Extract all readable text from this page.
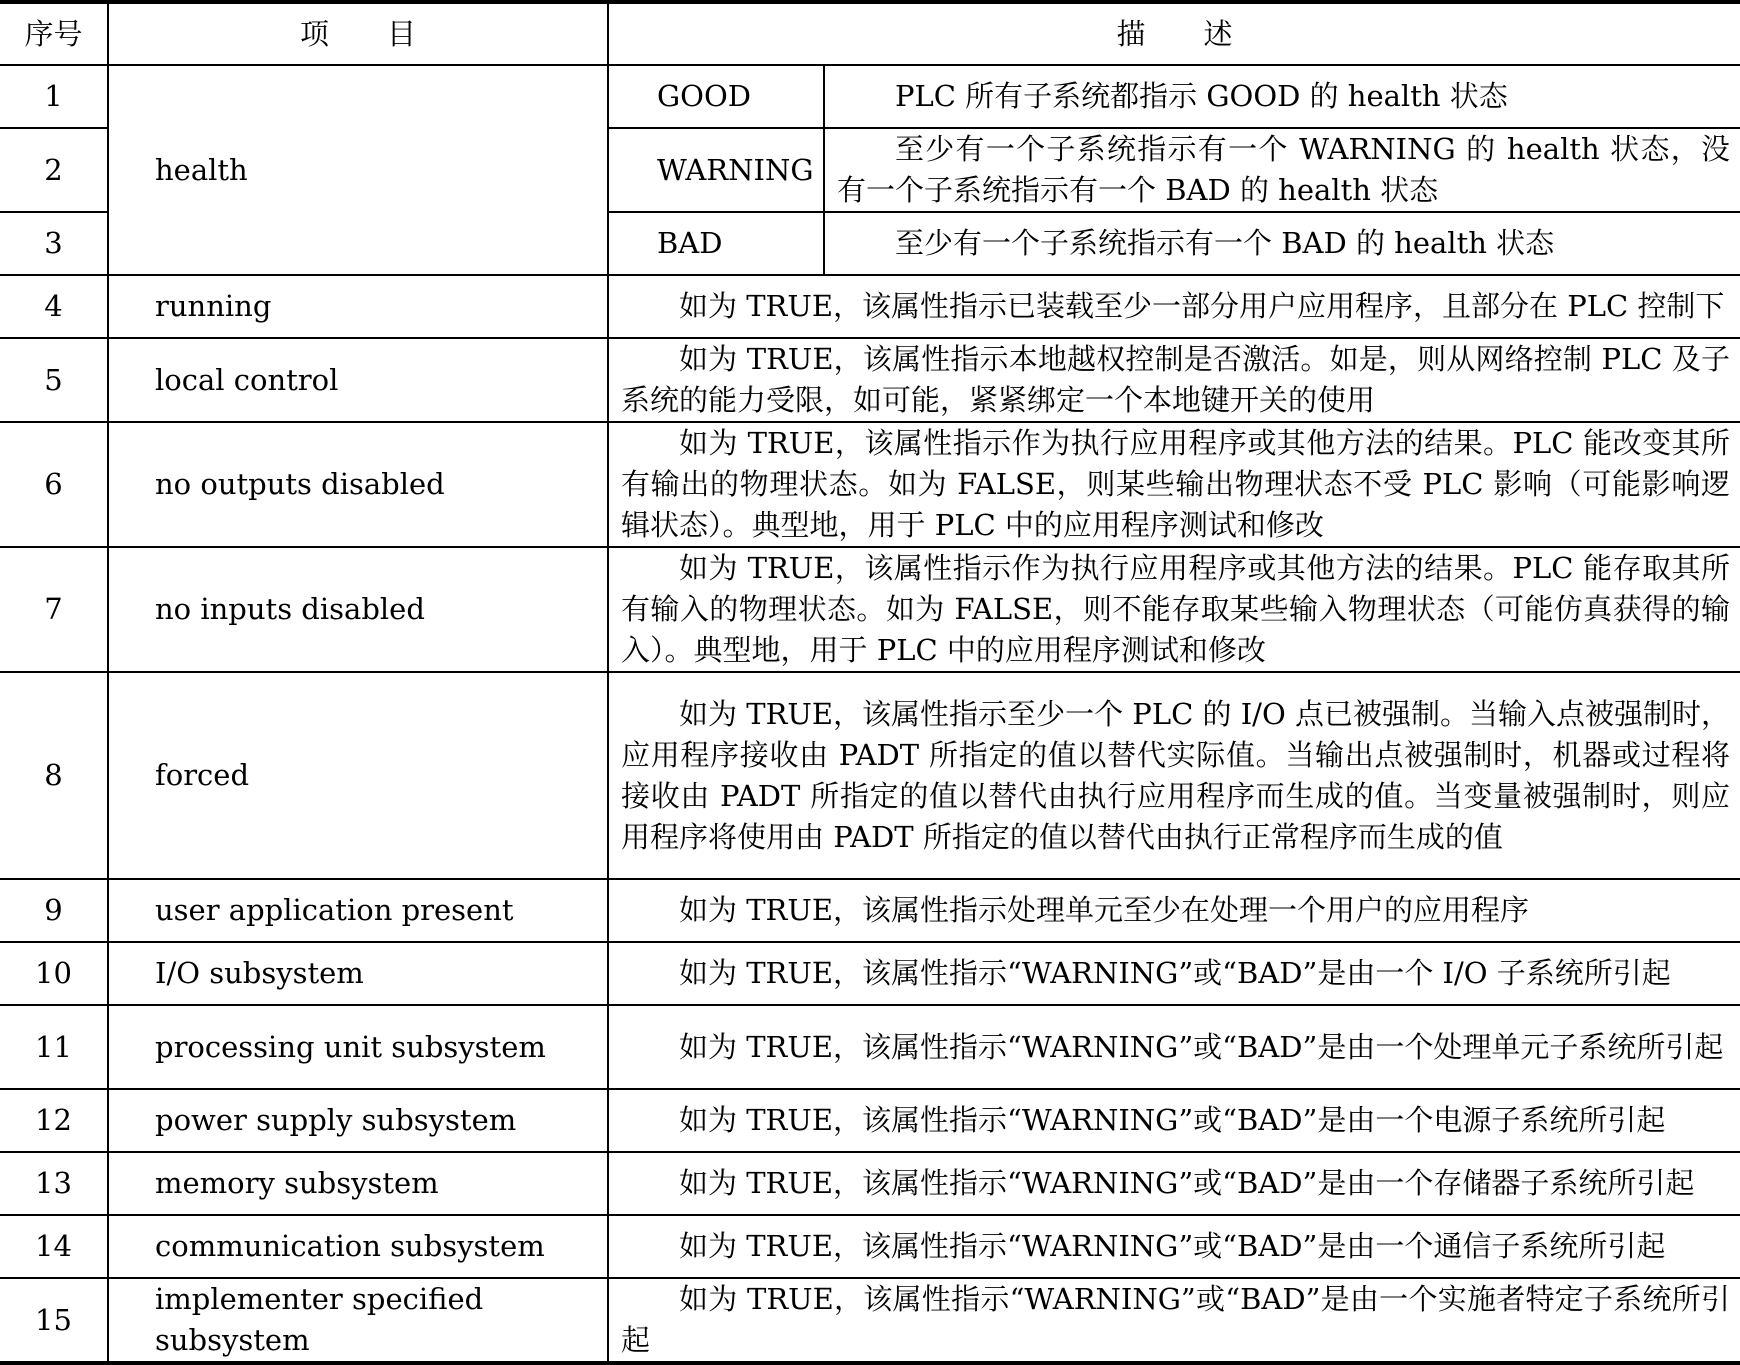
序号	项　　目	描　　述	
1	health	GOOD	PLC 所有子系统都指示 GOOD 的 health 状态
2		WARNING	至少有一个子系统指示有一个 WARNING 的 health 状态，没有一个子系统指示有一个 BAD 的 health 状态
3		BAD	至少有一个子系统指示有一个 BAD 的 health 状态
4	running	如为 TRUE，该属性指示已装载至少一部分用户应用程序，且部分在 PLC 控制下	
5	local control	如为 TRUE，该属性指示本地越权控制是否激活。如是，则从网络控制 PLC 及子系统的能力受限，如可能，紧紧绑定一个本地键开关的使用	
6	no outputs disabled	如为 TRUE，该属性指示作为执行应用程序或其他方法的结果。PLC 能改变其所有输出的物理状态。如为 FALSE，则某些输出物理状态不受 PLC 影响（可能影响逻辑状态）。典型地，用于 PLC 中的应用程序测试和修改	
7	no inputs disabled	如为 TRUE，该属性指示作为执行应用程序或其他方法的结果。PLC 能存取其所有输入的物理状态。如为 FALSE，则不能存取某些输入物理状态（可能仿真获得的输入）。典型地，用于 PLC 中的应用程序测试和修改	
8	forced	如为 TRUE，该属性指示至少一个 PLC 的 I/O 点已被强制。当输入点被强制时，应用程序接收由 PADT 所指定的值以替代实际值。当输出点被强制时，机器或过程将接收由 PADT 所指定的值以替代由执行应用程序而生成的值。当变量被强制时，则应用程序将使用由 PADT 所指定的值以替代由执行正常程序而生成的值	
9	user application present	如为 TRUE，该属性指示处理单元至少在处理一个用户的应用程序	
10	I/O subsystem	如为 TRUE，该属性指示“WARNING”或“BAD”是由一个 I/O 子系统所引起	
11	processing unit subsystem	如为 TRUE，该属性指示“WARNING”或“BAD”是由一个处理单元子系统所引起	
12	power supply subsystem	如为 TRUE，该属性指示“WARNING”或“BAD”是由一个电源子系统所引起	
13	memory subsystem	如为 TRUE，该属性指示“WARNING”或“BAD”是由一个存储器子系统所引起	
14	communication subsystem	如为 TRUE，该属性指示“WARNING”或“BAD”是由一个通信子系统所引起	
15	implementer specified subsystem	如为 TRUE，该属性指示“WARNING”或“BAD”是由一个实施者特定子系统所引起	
